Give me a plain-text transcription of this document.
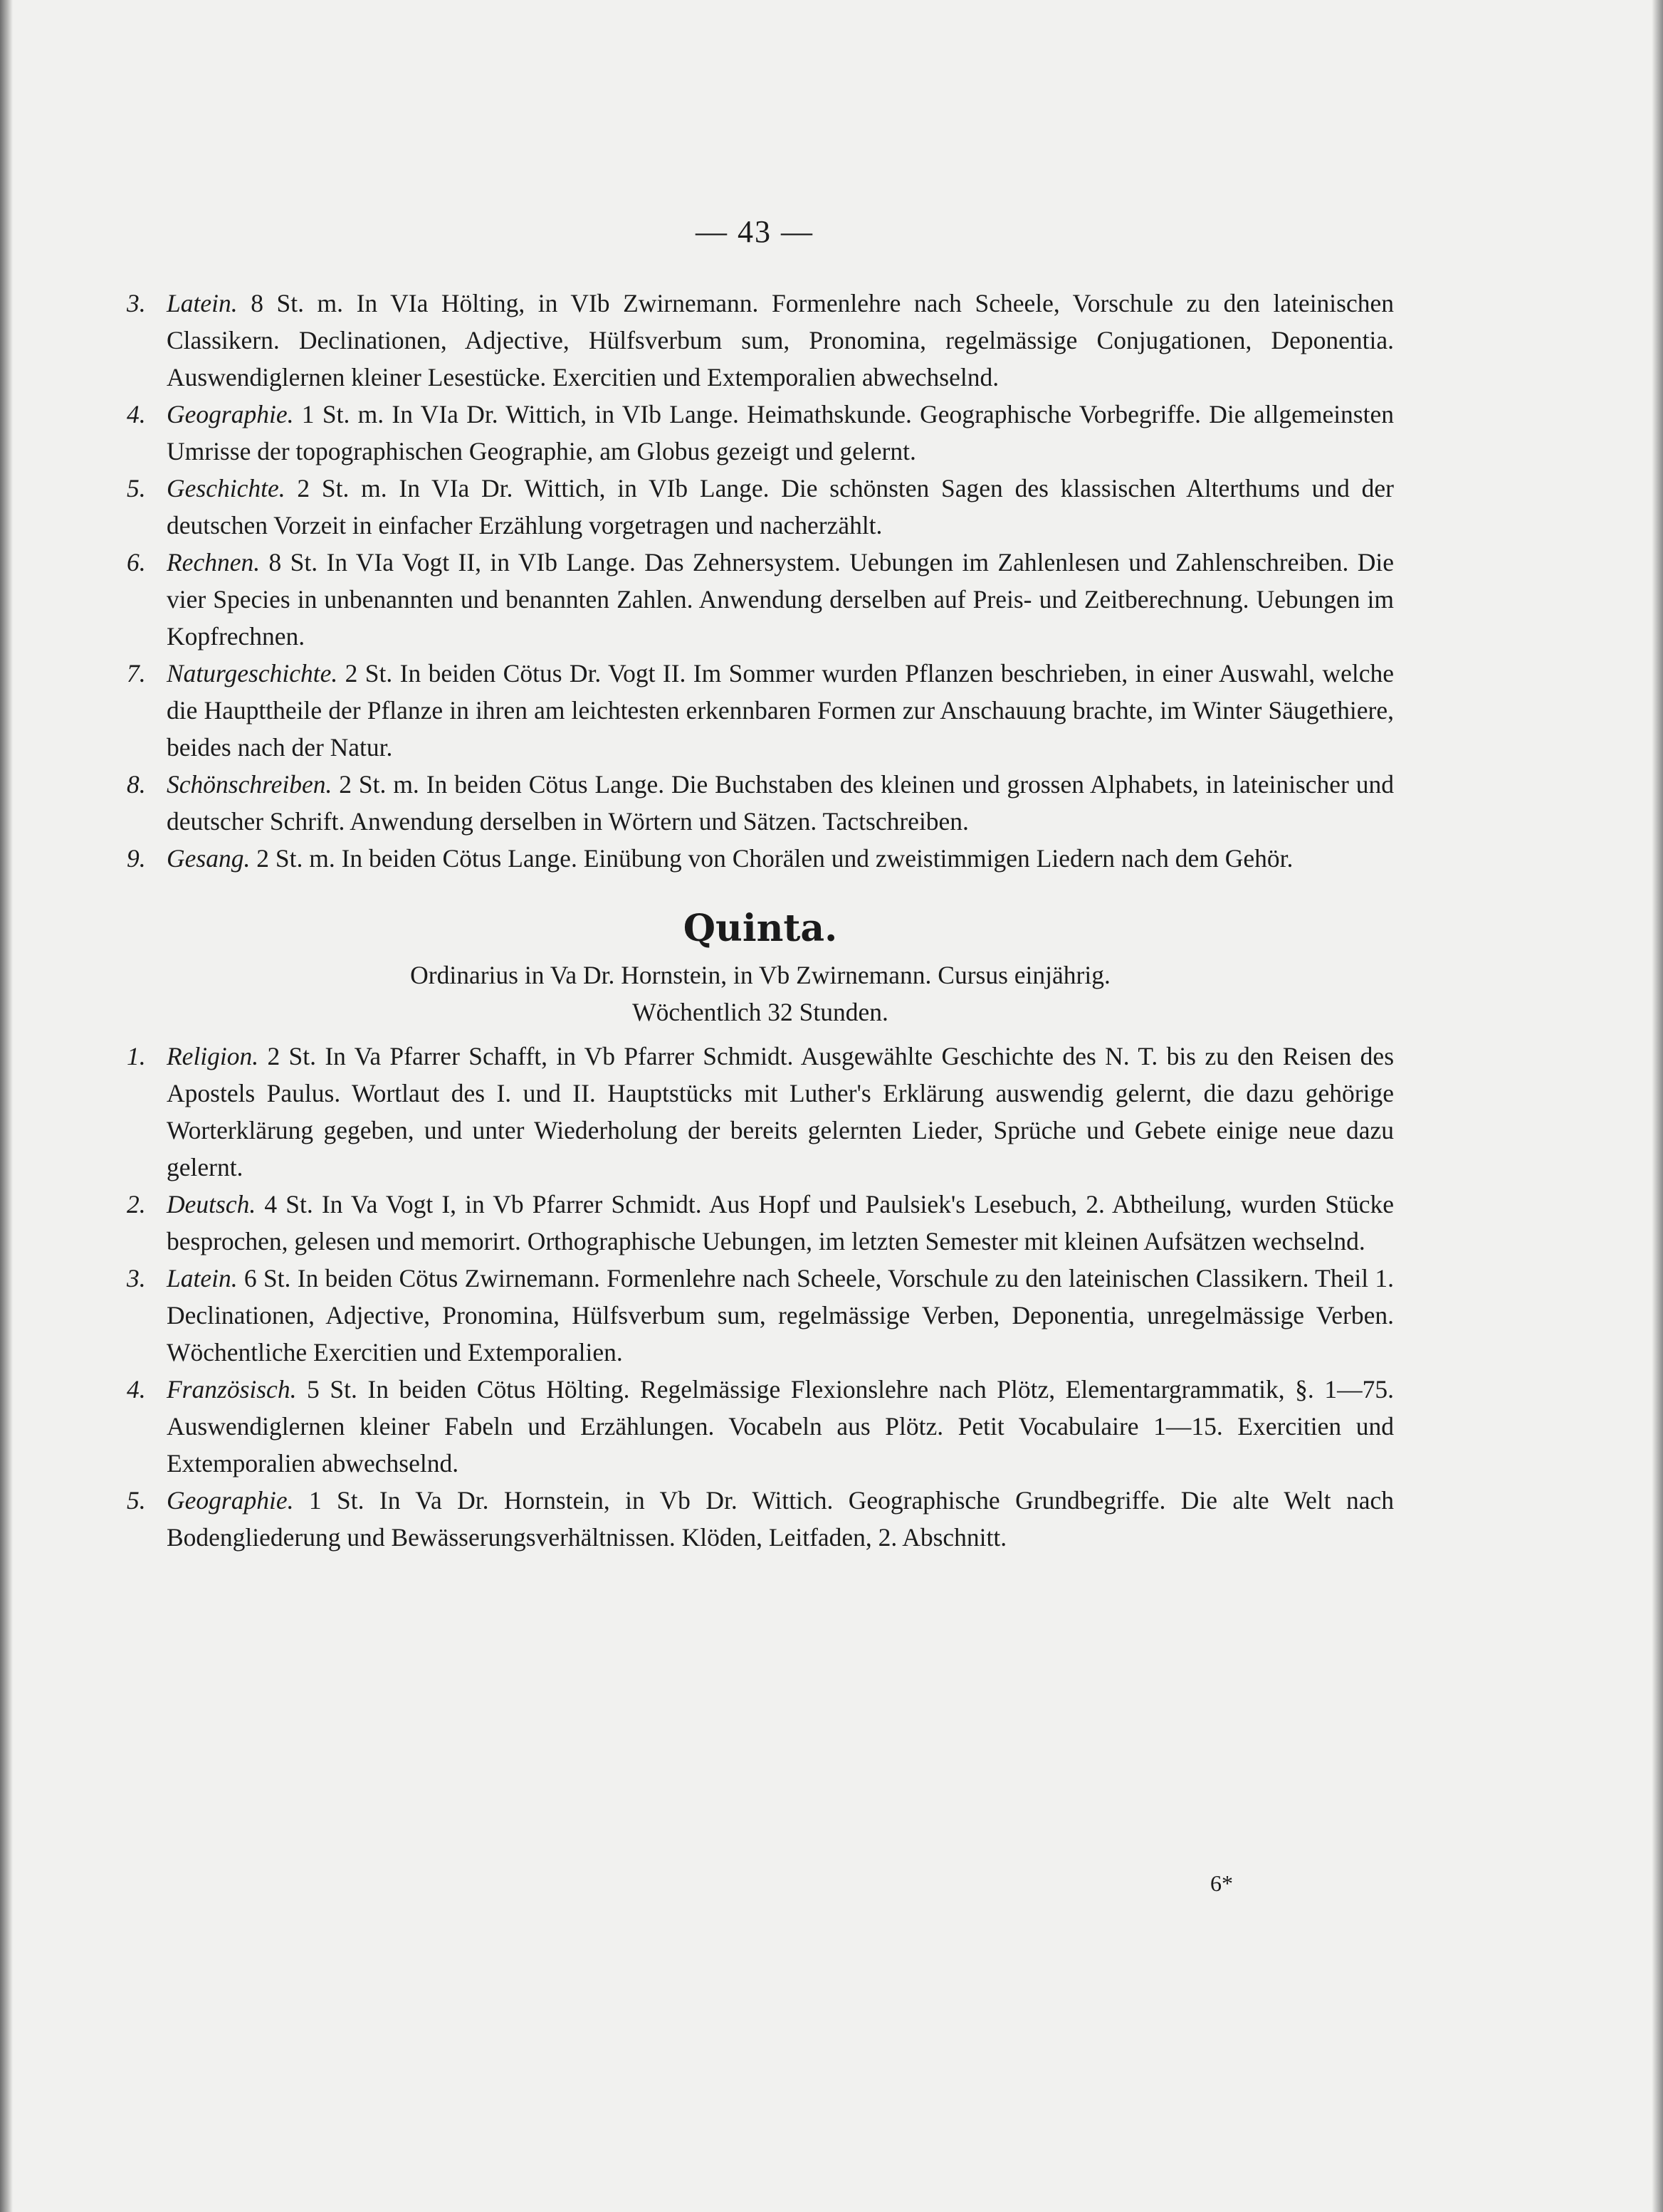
— 43 —
3. Latein. 8 St. m. In VIa Hölting, in VIb Zwirnemann. Formenlehre nach Scheele, Vorschule zu den lateinischen Classikern. Declinationen, Adjective, Hülfsverbum sum, Pronomina, regelmässige Conjugationen, Deponentia. Auswendiglernen kleiner Lesestücke. Exercitien und Extemporalien abwechselnd.
4. Geographie. 1 St. m. In VIa Dr. Wittich, in VIb Lange. Heimathskunde. Geographische Vorbegriffe. Die allgemeinsten Umrisse der topographischen Geographie, am Globus gezeigt und gelernt.
5. Geschichte. 2 St. m. In VIa Dr. Wittich, in VIb Lange. Die schönsten Sagen des klassischen Alterthums und der deutschen Vorzeit in einfacher Erzählung vorgetragen und nacherzählt.
6. Rechnen. 8 St. In VIa Vogt II, in VIb Lange. Das Zehnersystem. Uebungen im Zahlenlesen und Zahlenschreiben. Die vier Species in unbenannten und benannten Zahlen. Anwendung derselben auf Preis- und Zeitberechnung. Uebungen im Kopfrechnen.
7. Naturgeschichte. 2 St. In beiden Cötus Dr. Vogt II. Im Sommer wurden Pflanzen beschrieben, in einer Auswahl, welche die Haupttheile der Pflanze in ihren am leichtesten erkennbaren Formen zur Anschauung brachte, im Winter Säugethiere, beides nach der Natur.
8. Schönschreiben. 2 St. m. In beiden Cötus Lange. Die Buchstaben des kleinen und grossen Alphabets, in lateinischer und deutscher Schrift. Anwendung derselben in Wörtern und Sätzen. Tactschreiben.
9. Gesang. 2 St. m. In beiden Cötus Lange. Einübung von Chorälen und zweistimmigen Liedern nach dem Gehör.
Quinta.
Ordinarius in Va Dr. Hornstein, in Vb Zwirnemann. Cursus einjährig.
Wöchentlich 32 Stunden.
1. Religion. 2 St. In Va Pfarrer Schafft, in Vb Pfarrer Schmidt. Ausgewählte Geschichte des N. T. bis zu den Reisen des Apostels Paulus. Wortlaut des I. und II. Hauptstücks mit Luther's Erklärung auswendig gelernt, die dazu gehörige Worterklärung gegeben, und unter Wiederholung der bereits gelernten Lieder, Sprüche und Gebete einige neue dazu gelernt.
2. Deutsch. 4 St. In Va Vogt I, in Vb Pfarrer Schmidt. Aus Hopf und Paulsiek's Lesebuch, 2. Abtheilung, wurden Stücke besprochen, gelesen und memorirt. Orthographische Uebungen, im letzten Semester mit kleinen Aufsätzen wechselnd.
3. Latein. 6 St. In beiden Cötus Zwirnemann. Formenlehre nach Scheele, Vorschule zu den lateinischen Classikern. Theil 1. Declinationen, Adjective, Pronomina, Hülfsverbum sum, regelmässige Verben, Deponentia, unregelmässige Verben. Wöchentliche Exercitien und Extemporalien.
4. Französisch. 5 St. In beiden Cötus Hölting. Regelmässige Flexionslehre nach Plötz, Elementargrammatik, §. 1—75. Auswendiglernen kleiner Fabeln und Erzählungen. Vocabeln aus Plötz. Petit Vocabulaire 1—15. Exercitien und Extemporalien abwechselnd.
5. Geographie. 1 St. In Va Dr. Hornstein, in Vb Dr. Wittich. Geographische Grundbegriffe. Die alte Welt nach Bodengliederung und Bewässerungsverhältnissen. Klöden, Leitfaden, 2. Abschnitt.
6*
